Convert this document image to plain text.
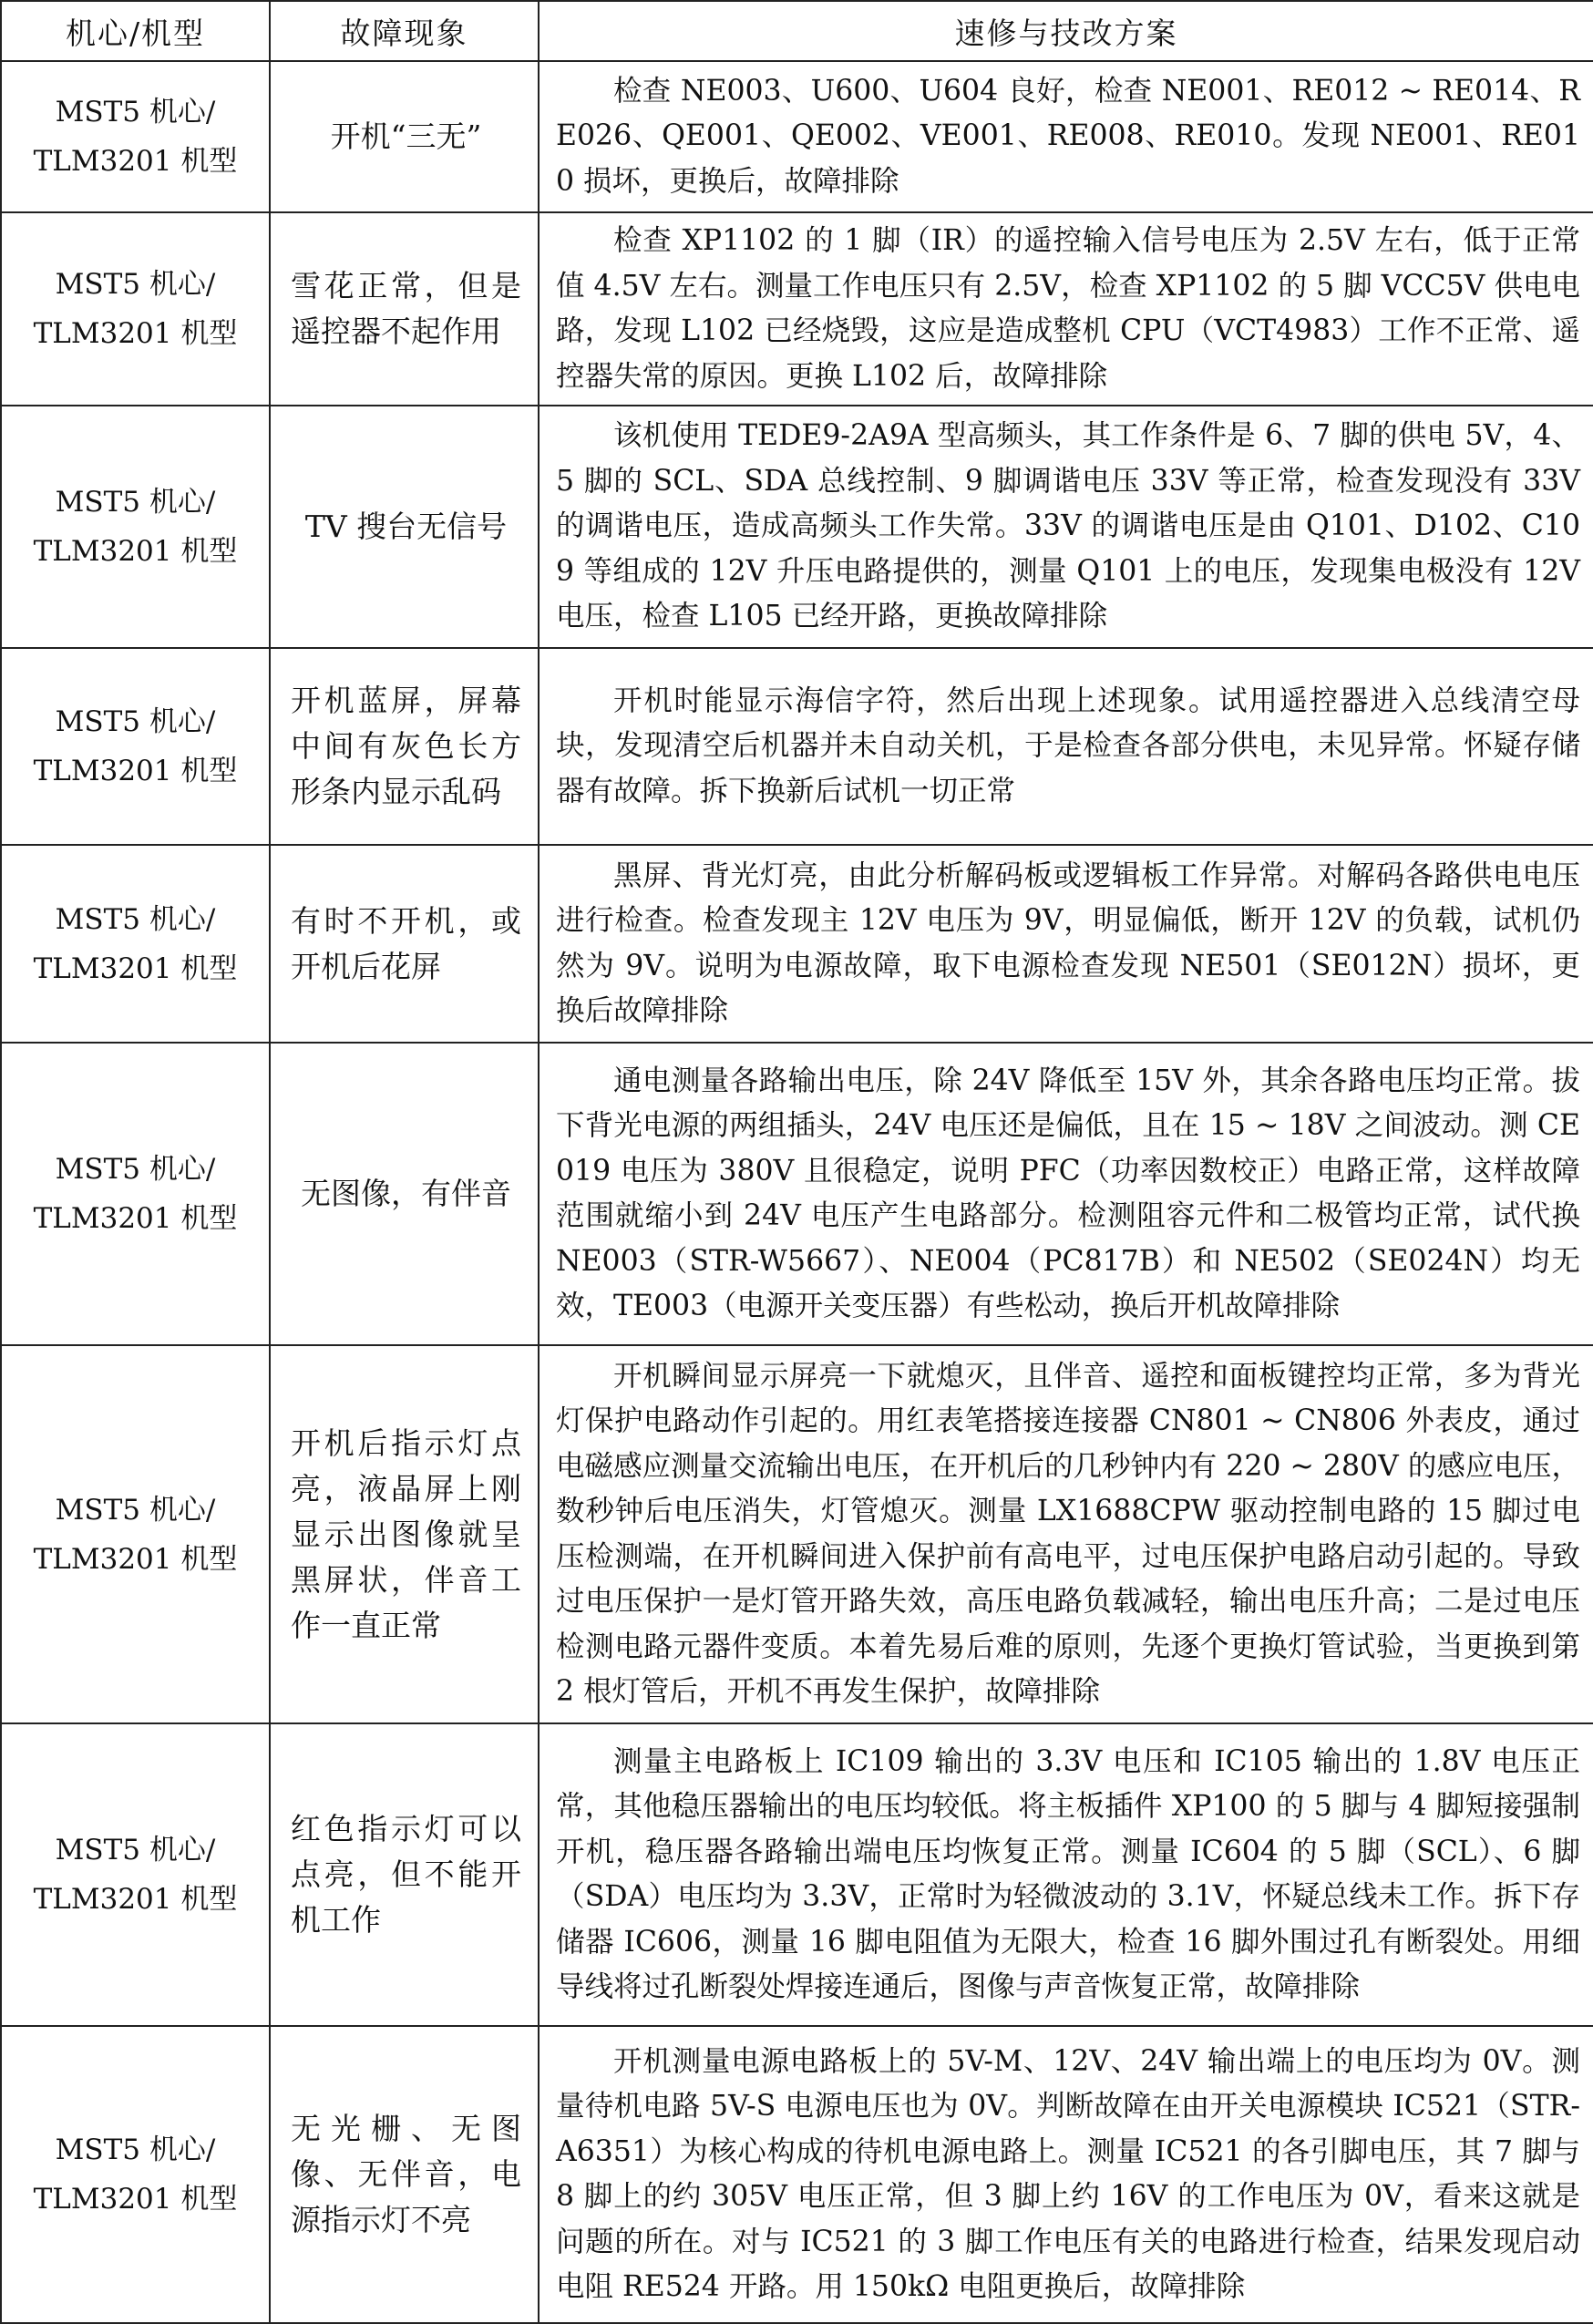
机心/机型	故障现象	速修与技改方案

MST5 机心/
TLM3201 机型	开机“三无”	检查 NE003、U600、U604 良好，检查 NE001、RE012 ~ RE014、RE026、QE001、QE002、VE001、RE008、RE010。发现 NE001、RE010 损坏，更换后，故障排除

MST5 机心/
TLM3201 机型	雪花正常，但是遥控器不起作用	检查 XP1102 的 1 脚（IR）的遥控输入信号电压为 2.5V 左右，低于正常值 4.5V 左右。测量工作电压只有 2.5V，检查 XP1102 的 5 脚 VCC5V 供电电路，发现 L102 已经烧毁，这应是造成整机 CPU（VCT4983）工作不正常、遥控器失常的原因。更换 L102 后，故障排除

MST5 机心/
TLM3201 机型	TV 搜台无信号	该机使用 TEDE9-2A9A 型高频头，其工作条件是 6、7 脚的供电 5V，4、5 脚的 SCL、SDA 总线控制、9 脚调谐电压 33V 等正常，检查发现没有 33V 的调谐电压，造成高频头工作失常。33V 的调谐电压是由 Q101、D102、C109 等组成的 12V 升压电路提供的，测量 Q101 上的电压，发现集电极没有 12V 电压，检查 L105 已经开路，更换故障排除

MST5 机心/
TLM3201 机型	开机蓝屏，屏幕中间有灰色长方形条内显示乱码	开机时能显示海信字符，然后出现上述现象。试用遥控器进入总线清空母块，发现清空后机器并未自动关机，于是检查各部分供电，未见异常。怀疑存储器有故障。拆下换新后试机一切正常

MST5 机心/
TLM3201 机型	有时不开机，或开机后花屏	黑屏、背光灯亮，由此分析解码板或逻辑板工作异常。对解码各路供电电压进行检查。检查发现主 12V 电压为 9V，明显偏低，断开 12V 的负载，试机仍然为 9V。说明为电源故障，取下电源检查发现 NE501（SE012N）损坏，更换后故障排除

MST5 机心/
TLM3201 机型	无图像，有伴音	通电测量各路输出电压，除 24V 降低至 15V 外，其余各路电压均正常。拔下背光电源的两组插头，24V 电压还是偏低，且在 15 ~ 18V 之间波动。测 CE019 电压为 380V 且很稳定，说明 PFC（功率因数校正）电路正常，这样故障范围就缩小到 24V 电压产生电路部分。检测阻容元件和二极管均正常，试代换 NE003（STR-W5667）、NE004（PC817B）和 NE502（SE024N）均无效，TE003（电源开关变压器）有些松动，换后开机故障排除

MST5 机心/
TLM3201 机型	开机后指示灯点亮，液晶屏上刚显示出图像就呈黑屏状，伴音工作一直正常	开机瞬间显示屏亮一下就熄灭，且伴音、遥控和面板键控均正常，多为背光灯保护电路动作引起的。用红表笔搭接连接器 CN801 ~ CN806 外表皮，通过电磁感应测量交流输出电压，在开机后的几秒钟内有 220 ~ 280V 的感应电压，数秒钟后电压消失，灯管熄灭。测量 LX1688CPW 驱动控制电路的 15 脚过电压检测端，在开机瞬间进入保护前有高电平，过电压保护电路启动引起的。导致过电压保护一是灯管开路失效，高压电路负载减轻，输出电压升高；二是过电压检测电路元器件变质。本着先易后难的原则，先逐个更换灯管试验，当更换到第 2 根灯管后，开机不再发生保护，故障排除

MST5 机心/
TLM3201 机型	红色指示灯可以点亮，但不能开机工作	测量主电路板上 IC109 输出的 3.3V 电压和 IC105 输出的 1.8V 电压正常，其他稳压器输出的电压均较低。将主板插件 XP100 的 5 脚与 4 脚短接强制开机，稳压器各路输出端电压均恢复正常。测量 IC604 的 5 脚（SCL）、6 脚（SDA）电压均为 3.3V，正常时为轻微波动的 3.1V，怀疑总线未工作。拆下存储器 IC606，测量 16 脚电阻值为无限大，检查 16 脚外围过孔有断裂处。用细导线将过孔断裂处焊接连通后，图像与声音恢复正常，故障排除

MST5 机心/
TLM3201 机型	无光栅、无图像、无伴音，电源指示灯不亮	开机测量电源电路板上的 5V-M、12V、24V 输出端上的电压均为 0V。测量待机电路 5V-S 电源电压也为 0V。判断故障在由开关电源模块 IC521（STR-A6351）为核心构成的待机电源电路上。测量 IC521 的各引脚电压，其 7 脚与 8 脚上的约 305V 电压正常，但 3 脚上约 16V 的工作电压为 0V，看来这就是问题的所在。对与 IC521 的 3 脚工作电压有关的电路进行检查，结果发现启动电阻 RE524 开路。用 150kΩ 电阻更换后，故障排除
